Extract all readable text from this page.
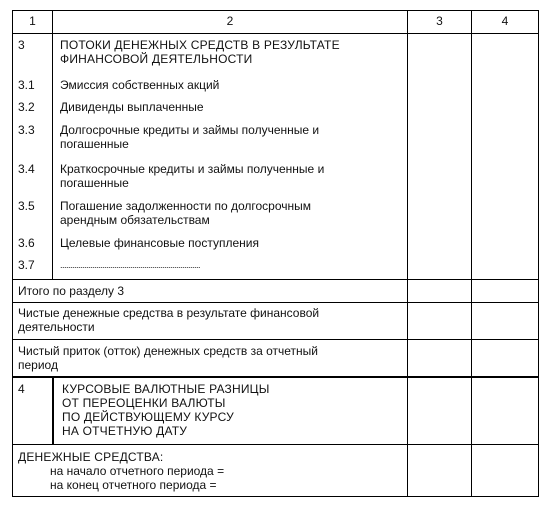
1	2	3	4
3	ПОТОКИ ДЕНЕЖНЫХ СРЕДСТВ В РЕЗУЛЬТАТЕ
ФИНАНСОВОЙ ДЕЯТЕЛЬНОСТИ
3.1 Эмиссия собственных акций
3.2 Дивиденды выплаченные
3.3 Долгосрочные кредиты и займы полученные и
погашенные
3.4 Краткосрочные кредиты и займы полученные и
погашенные
3.5 Погашение задолженности по долгосрочным
арендным обязательствам
3.6 Целевые финансовые поступления
3.7	......................................................................
Итого по разделу 3
Чистые денежные средства в результате финансовой
деятельности
Чистый приток (отток) денежных средств за отчетный
период
4	КУРСОВЫЕ ВАЛЮТНЫЕ РАЗНИЦЫ
ОТ ПЕРЕОЦЕНКИ ВАЛЮТЫ
ПО ДЕЙСТВУЮЩЕМУ КУРСУ
НА ОТЧЕТНУЮ ДАТУ
ДЕНЕЖНЫЕ СРЕДСТВА:
на начало отчетного периода =
на конец отчетного периода =
